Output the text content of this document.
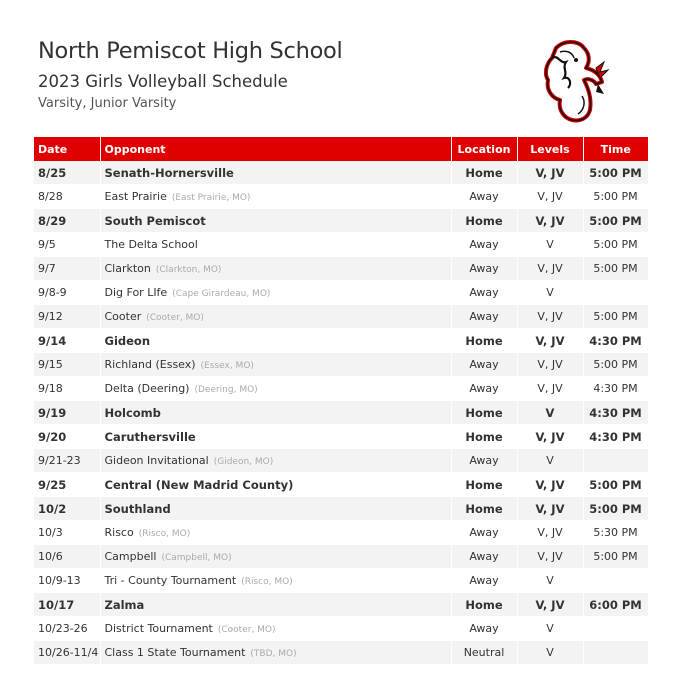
North Pemiscot High School
2023 Girls Volleyball Schedule
Varsity, Junior Varsity
Date	Opponent	Location	Levels	Time
8/25	Senath-Hornersville	Home	V, JV	5:00 PM
8/28	East Prairie (East Prairie, MO)	Away	V, JV	5:00 PM
8/29	South Pemiscot	Home	V, JV	5:00 PM
9/5	The Delta School	Away	V	5:00 PM
9/7	Clarkton (Clarkton, MO)	Away	V, JV	5:00 PM
9/8-9	Dig For LIfe (Cape Girardeau, MO)	Away	V	
9/12	Cooter (Cooter, MO)	Away	V, JV	5:00 PM
9/14	Gideon	Home	V, JV	4:30 PM
9/15	Richland (Essex) (Essex, MO)	Away	V, JV	5:00 PM
9/18	Delta (Deering) (Deering, MO)	Away	V, JV	4:30 PM
9/19	Holcomb	Home	V	4:30 PM
9/20	Caruthersville	Home	V, JV	4:30 PM
9/21-23	Gideon Invitational (Gideon, MO)	Away	V	
9/25	Central (New Madrid County)	Home	V, JV	5:00 PM
10/2	Southland	Home	V, JV	5:00 PM
10/3	Risco (Risco, MO)	Away	V, JV	5:30 PM
10/6	Campbell (Campbell, MO)	Away	V, JV	5:00 PM
10/9-13	Tri - County Tournament (Risco, MO)	Away	V	
10/17	Zalma	Home	V, JV	6:00 PM
10/23-26	District Tournament (Cooter, MO)	Away	V	
10/26-11/4	Class 1 State Tournament (TBD, MO)	Neutral	V	
